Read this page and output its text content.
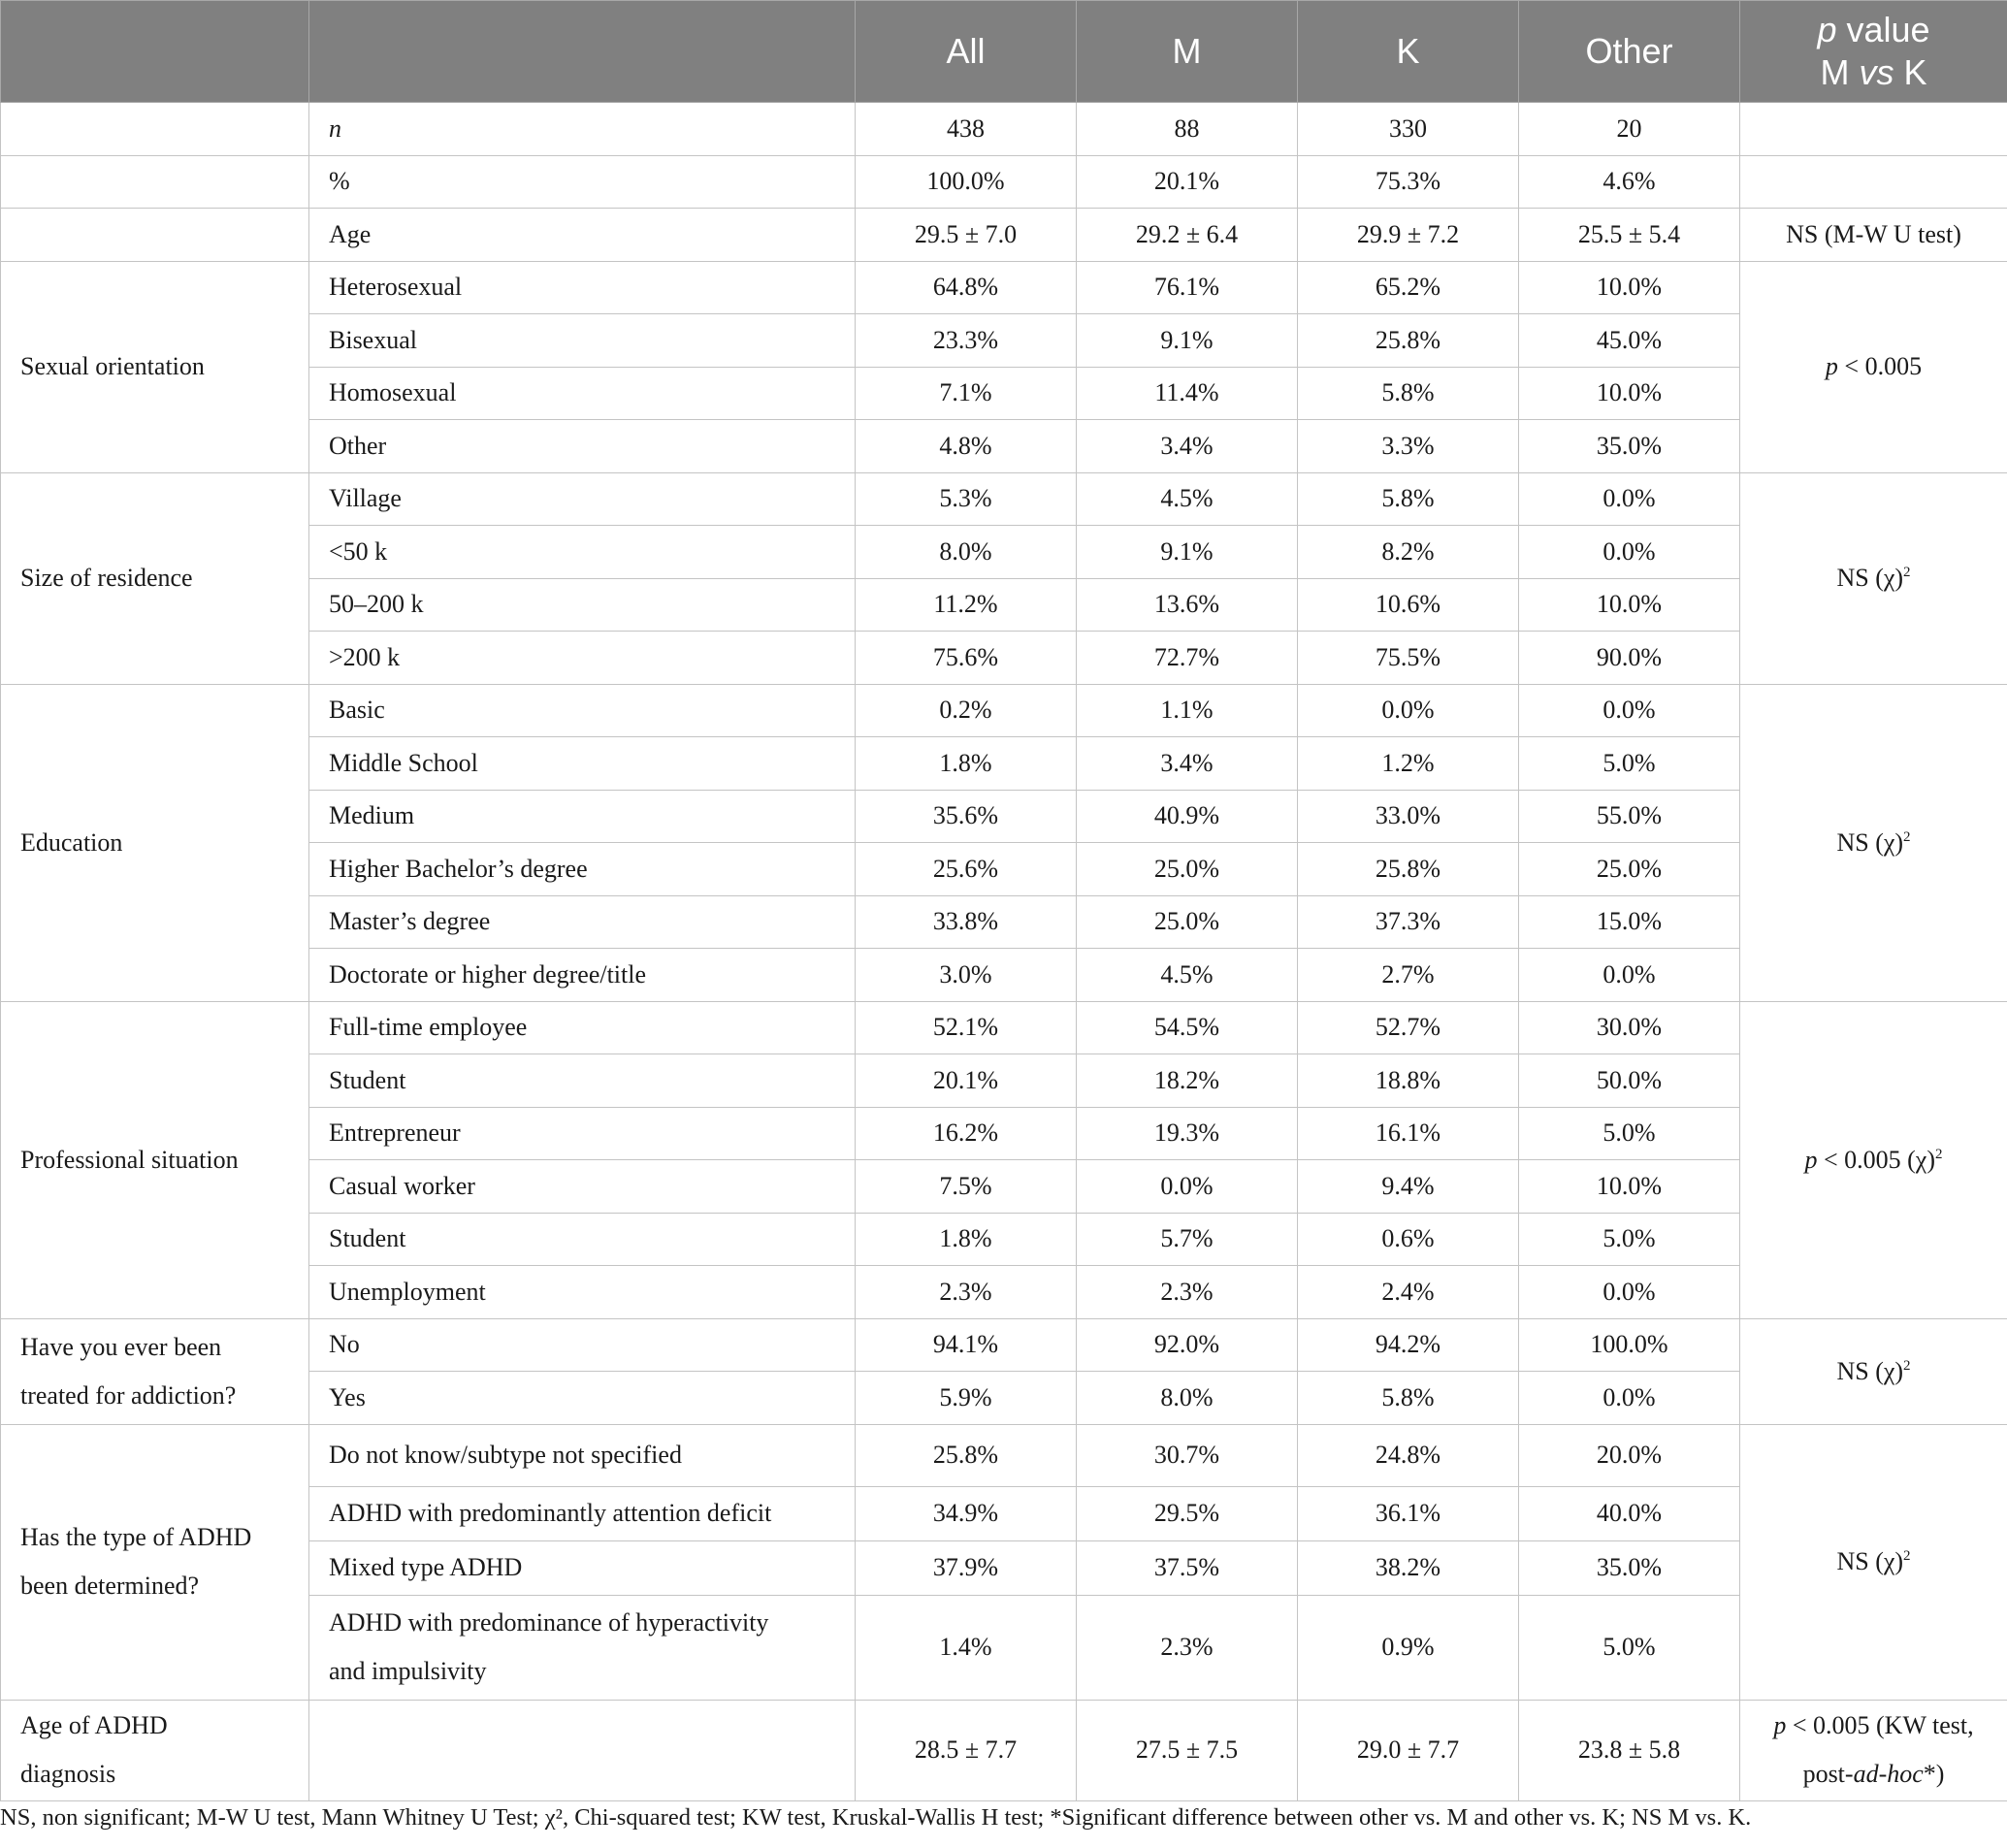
		All	M	K	Other	p value
M vs K
	n	438	88	330	20	
	%	100.0%	20.1%	75.3%	4.6%	
	Age	29.5 ± 7.0	29.2 ± 6.4	29.9 ± 7.2	25.5 ± 5.4	NS (M-W U test)
Sexual orientation	Heterosexual	64.8%	76.1%	65.2%	10.0%	p < 0.005
	Bisexual	23.3%	9.1%	25.8%	45.0%	
	Homosexual	7.1%	11.4%	5.8%	10.0%	
	Other	4.8%	3.4%	3.3%	35.0%	
Size of residence	Village	5.3%	4.5%	5.8%	0.0%	NS $(\chi)^2$
	<50 k	8.0%	9.1%	8.2%	0.0%	
	50–200 k	11.2%	13.6%	10.6%	10.0%	
	>200 k	75.6%	72.7%	75.5%	90.0%	
Education	Basic	0.2%	1.1%	0.0%	0.0%	NS $(\chi)^2$
	Middle School	1.8%	3.4%	1.2%	5.0%	
	Medium	35.6%	40.9%	33.0%	55.0%	
	Higher Bachelor’s degree	25.6%	25.0%	25.8%	25.0%	
	Master’s degree	33.8%	25.0%	37.3%	15.0%	
	Doctorate or higher degree/title	3.0%	4.5%	2.7%	0.0%	
Professional situation	Full-time employee	52.1%	54.5%	52.7%	30.0%	p < 0.005 $(\chi)^2$
	Student	20.1%	18.2%	18.8%	50.0%	
	Entrepreneur	16.2%	19.3%	16.1%	5.0%	
	Casual worker	7.5%	0.0%	9.4%	10.0%	
	Student	1.8%	5.7%	0.6%	5.0%	
	Unemployment	2.3%	2.3%	2.4%	0.0%	
Have you ever been
treated for addiction?	No	94.1%	92.0%	94.2%	100.0%	NS $(\chi)^2$
	Yes	5.9%	8.0%	5.8%	0.0%	
Has the type of ADHD
been determined?	Do not know/subtype not specified	25.8%	30.7%	24.8%	20.0%	NS $(\chi)^2$
	ADHD with predominantly attention deficit	34.9%	29.5%	36.1%	40.0%	
	Mixed type ADHD	37.9%	37.5%	38.2%	35.0%	
	ADHD with predominance of hyperactivity
and impulsivity	1.4%	2.3%	0.9%	5.0%	
Age of ADHD
diagnosis		28.5 ± 7.7	27.5 ± 7.5	29.0 ± 7.7	23.8 ± 5.8	p < 0.005 (KW test,
post-ad-hoc*)
NS, non significant; M-W U test, Mann Whitney U Test; χ², Chi-squared test; KW test, Kruskal-Wallis H test; *Significant difference between other vs. M and other vs. K; NS M vs. K.
